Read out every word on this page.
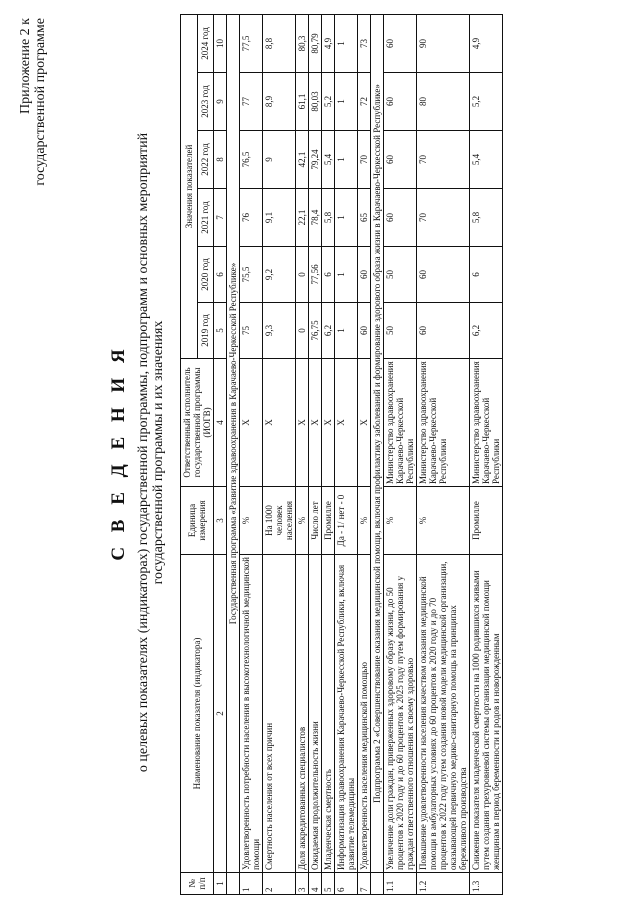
Приложение 2 к государственной программе
С В Е Д Е Н И Я о целевых показателях (индикаторах) государственной программы, подпрограмм и основных мероприятий государственной программы и их значениях
№ п/п	Наименование показателя (индикатора)	Единица измерения	Ответственный исполнитель государственной программы (ИОГВ)	Значения показателей					
				2019 год	2020 год	2021 год	2022 год	2023 год	2024 год
1	2	3	4	5	6	7	8	9	10
	Государственная программа «Развитие здравоохранения в Карачаево-Черкесской Республике»								
1	Удовлетворенность потребности населения в высокотехнологичной медицинской помощи	%	X	75	75,5	76	76,5	77	77,5
2	Смертность населения от всех причин	На 1000 человек населения	X	9,3	9,2	9,1	9	8,9	8,8
3	Доля аккредитованных специалистов	%	X	0	0	22,1	42,1	61,1	80,3
4	Ожидаемая продолжительность жизни	Число лет	X	76,75	77,56	78,4	79,24	80,03	80,79
5	Младенческая смертность	Промилле	X	6,2	6	5,8	5,4	5,2	4,9
6	Информатизация здравоохранения Карачаево-Черкесской Республики, включая развитие телемедицины	Да - 1/ нет - 0	X	1	1	1	1	1	1
7	Удовлетворенность населения медицинской помощью	%	X	60	60	65	70	72	73
	Подпрограмма 2 «Совершенствование оказания медицинской помощи, включая профилактику заболеваний и формирование здорового образа жизни в Карачаево-Черкесской Республике»								
1.1	Увеличение доли граждан, приверженных здоровому образу жизни, до 50 процентов к 2020 году и до 60 процентов к 2025 году путем формирования у граждан ответственного отношения к своему здоровью	%	Министерство здравоохранения Карачаево-Черкесской Республики	50	50	60	60	60	60
1.2	Повышение удовлетворенности населения качеством оказания медицинской помощи в амбулаторных условиях до 60 процентов к 2020 году и до 70 процентов к 2022 году путем создания новой модели медицинской организации, оказывающей первичную медико-санитарную помощь на принципах бережливого производства	%	Министерство здравоохранения Карачаево-Черкесской Республики	60	60	70	70	80	90
1.3	Снижение показателя младенческой смертности на 1000 родившихся живыми путем создания трехуровневой системы организации медицинской помощи женщинам в период беременности и родов и новорожденным	Промилле	Министерство здравоохранения Карачаево-Черкесской Республики	6,2	6	5,8	5,4	5,2	4,9
